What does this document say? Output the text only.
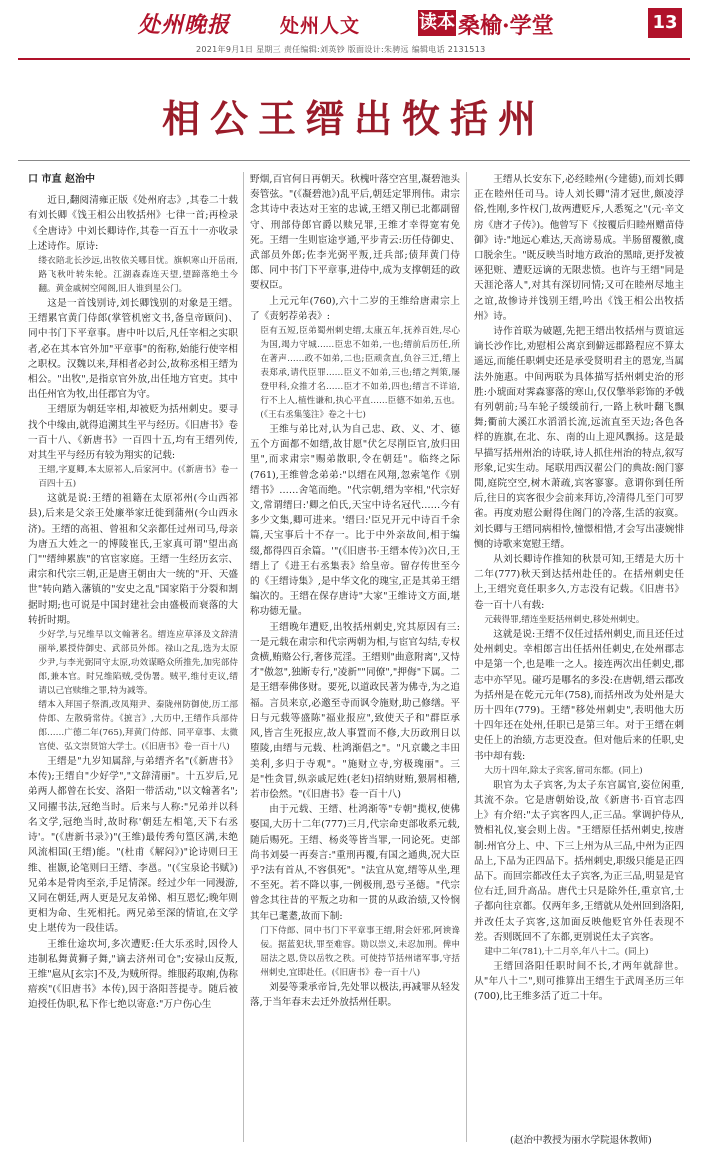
处州晚报	处州人文	读本 桑榆·学堂	13
2021年9月1日 星期三 责任编辑:刘英钞 版面设计:朱骋远 编辑电话 2131513
相公王缙出牧括州

口 市直 赵治中

近日,翻阅清雍正版《处州府志》,其卷二十载有刘长卿《饯王相公出牧括州》七律一首;再检录《全唐诗》中刘长卿诗作,其卷一百五十一亦收录上述诗作。原诗:

缕衣陪北长沙远,出牧依关哪目忧。旗帜寒山开岳雨,路飞秋叶转朱轮。江湖森森连天望,望蹄落绝土今翻。黄金戚树空闻阁,旧人谁到星公门。

这是一首饯别诗,刘长卿饯别的对象是王缙。王缙累官黄门侍郎(掌管机密文书,备皇帝顾问)、同中书门下平章事。唐中叶以后,凡任宰相之实职者,必在其本官外加"平章事"的衔称,始能行使宰相之职权。汉魏以来,拜相者必封公,故称丞相王缙为相公。"出牧",是指京官外放,出任地方官吏。其中出任州官为牧,出任郡官为守。

王缙原为朝廷宰相,却被贬为括州刺史。要寻找个中缘由,就得追溯其生平与经历。《旧唐书》卷一百十八、《新唐书》一百四十五,均有王缙列传,对其生平与经历有较为翔实的记载:

王缙,字夏卿,本太原祁人,后家河中。(《新唐书》卷一百四十五)

这就是说:王缙的祖籍在太原祁州(今山西祁县),后来是父亲王处廉举家迁徙到蒲州(今山西永济)。王缙的高祖、曾祖和父亲都任过州司马,母亲为唐五大姓之一的博陵崔氏,王家真可谓"望出高门""缙绅累族"的官宦家庭。王缙一生经历玄宗、肃宗和代宗三朝,正是唐王朝由大一统的"开、天盛世"转向踏入藩镇的"安史之乱"国家陷于分裂和割据时期;也可说是中国封建社会由盛极而衰落的大转折时期。

少好学,与兄维早以文翰著名。缙连应草泽及文辞清丽举,累授侍御史、武部员外郎。禄山之乱,选为太原少尹,与李光弼同守太原,功效谋略众所推先,加宪部侍郎,兼本官。时兄维陷贼,受伪署。贼平,维付吏议,缙请以己官赎维之罪,特为减等。

缙本入拜国子祭酒,改凤翔尹、秦陇州防御使,历工部侍郎、左散骑常侍。《摭言》,大历中,王缙作兵部侍郎……广德二年(765),拜黄门侍郎、同平章事、太微宫使、弘文崇贤馆大学士。(《旧唐书》卷一百十八)

王缙是"九岁知属辞,与弟缙齐名"(《新唐书》本传);王缙自"少好学","文辞清丽"。十五岁后,兄弟两人都曾在长安、洛阳一带活动,"以文翰著名";又同擢书法,冠绝当时。后来与人称:"兄弟并以科名文学,冠绝当时,故时称'朝廷左相笔,天下右丞诗'。"(《唐新书录》)"(王维)最传秀句篁区满,未绝风流相国(王缙)能。"(杜甫《解闷》)"论诗则曰王维、崔颢,论笔则曰王缙、李邕。"(《宝泉论书赋》)兄弟本是骨肉至亲,手足情深。经过少年一同漫游,又同在朝廷,两人更是兄友弟悌、相互恩忆;晚年则更相为命、生死相托。两兄弟至深的情谊,在文学史上堪传为一段佳话。

王维仕途坎坷,多次遭贬:任大乐丞时,因伶人违制私舞黄狮子舞,"谪去济州司仓";安禄山反叛,王维"扈从[玄宗]不及,为贼所得。维服药取痢,伪称瘖疾"(《旧唐书》本传),因于洛阳菩提寺。随后被迫授任伪职,私下作七绝以寄意:"万户伤心生

野烟,百官何日再朝天。秋槐叶落空宫里,凝碧池头奏管弦。"(《凝碧池》)乱平后,朝廷定罪刑伟。肃宗念其诗中表达对王室的忠诚,王缙又削已北都副留守、刑部侍郎官爵以赎兄罪,王维才幸得宽宥免死。王缙一生则宦途亨通,平步青云:历任侍御史、武部员外郎;佐李光弼平叛,迁兵部;债拜黄门侍郎、同中书门下平章事,进侍中,成为支撑朝廷的政要权臣。

上元元年(760),六十二岁的王维给唐肃宗上了《责躬荐弟表》:

臣有五短,臣弟蜀州刺史缙,太康五年,抚养百姓,尽心为国,竭力守城……臣忠不如弟,一也;缙前后历任,所在著声……政不如弟,二也;臣顽贪直,负谷三迁,缙上表郑承,请代臣罪……臣义不如弟,三也;缙之判策,屡登甲科,众推才名……臣才不如弟,四也;缙言不详谙,行不上人,植性谦和,执心平直……臣德不如弟,五也。(《王右丞集笺注》卷之十七)

王维与弟比对,认为自己忠、政、义、才、德五个方面都不如缙,故甘愿"伏乞尽削臣官,放归田里",而求肃宗"赐弟散职,令在朝廷"。临终之际(761),王维曾念弟弟:"以缙在风翔,忽索笔作《别缙书》……舍笔而绝。"代宗朝,缙为宰相,"代宗好文,常谓缙曰:'卿之伯氏,天宝中诗名冠代……今有多少文集,卿可进来。'缙曰:'臣兄开元中诗百千余篇,天宝事后十不存一。比于中外亲故间,相于编缀,都得四百余篇。'"(《旧唐书·王缙本传》)次日,王缙上了《进王右丞集表》给皇帝。留存传世至今的《王缙诗集》,是中华文化的瑰宝,正是其弟王缙编次的。王缙在保存唐诗"大家"王维诗文方面,堪称功德无量。

王缙晚年遭贬,出牧括州刺史,究其原因有三:一是元载在肃宗和代宗两朝为相,与宦官勾结,专权贪横,贿赂公行,奢侈荒淫。王缙则"曲意附离",又恃才"傲忽",独断专行,"凌新""同僚","押侮"下属。二是王缙奉佛侈财。要死,以道政民著为佛寺,为之追福。言员来京,必邀至寺而讽令施财,助己修缮。平日与元载等盛陈"福业报应",致使天子和"群臣承风,皆言生死报应,故人事置而不修,大历政刑日以堕陵,由缙与元载、杜鸿渐倡之"。"凡京畿之丰田美利,多归于寺观"。"施财立寺,穷极瑰丽"。三是"性贪冒,纵亲戚尼姓(老妇)招纳财贿,猥屑相稽,若市侩然。"(《旧唐书》卷一百十八)

由于元载、王缙、杜鸿渐等"专朝"揽权,使佛娶国,大历十二年(777)三月,代宗命吏部收系元载,随后赐死。王缙、杨炎等皆当罪,一同论死。吏部尚书刘晏一再奏言:"重刑再覆,有国之通典,况大臣乎?法有首从,不容俱死"。"法宜从宽,缙等从坐,理不至死。若不降以事,一例极刑,恐亏圣德。"代宗曾念其往昔的平叛之功和一贯的从政治绩,又怜悯其年已耄耋,故而下制:

门下侍郎、同中书门下平章事王缙,附会奸邪,阿谀谗佞。据蓝犯状,罪至难容。勋以崇义,未忍加刑。俾申屈法之恩,贷以岳牧之秩。可使持节括州诸军事,守括州刺史,宜即赴任。(《旧唐书》卷一百十八)

刘晏等秉承帝旨,先处罪以极法,再减罪从轻发落,于当年春末去迁外放括州任职。

王缙从长安东下,必经睦州(今建德),而刘长卿正在睦州任司马。诗人刘长卿"清才冠世,颇凌浮俗,性刚,多忤权门,故两遭贬斥,人悉冤之"(元·辛文房《唐才子传》)。他曾写下《按覆后归睦州赠苗侍御》诗:"地远心难达,天高谤易成。半肠留覆徼,虞口脱余生。"既反映当时地方政治的黑暗,更抒发被诬犯赃、遭贬远谪的无限悲愤。也许与王缙"同是天涯沦落人",对其有深切同情;又可在睦州尽地主之谊,故惨诗并饯别王缙,吟出《饯王相公出牧括州》诗。

诗作首联为破题,先把王缙出牧括州与贾谊远谪长沙作比,劝慰相公离京到僻远郡路程应不算太遥远,而能任职刺史还是承受贤明君主的恩宠,当属法外施惠。中间两联为具体描写括州刺史治的形胜:小琥面对霁森寥落的寒山,仅仅擎举彩饰的矛戟有列朝前;马车轮子缓缓前行,一路上秋叶翻飞飘舞;衢前大溪江水滔滔长流,远流直至天边;各色各样的旌旗,在北、东、南的山上迎风飘扬。这是最早描写括州州治的诗联,诗人抓住州治的特点,叙写形象,记实生动。尾联用西汉翟公门的典故:阁门寥閒,庭院空空,树木萧疏,宾客寥寥。意谓你到任所后,往日的宾客很少会前来拜访,冷清得几至门可罗雀。再度劝慰公耐得住阁门的冷落,生活的寂寞。刘长卿与王缙同病相怜,憧憬相惜,才会写出凄婉悱恻的诗歌来宽慰王缙。

从刘长卿诗作推知的秋景可知,王缙是大历十二年(777)秋天到达括州赴任的。在括州刺史任上,王缙究竟任职多久,方志没有记载。《旧唐书》卷一百十八有载:

元载得罪,缙连坐贬括州刺史,移处州刺史。

这就是说:王缙不仅任过括州刺史,而且还任过处州刺史。幸相郎言出任括州任刺史,在处州郡志中是第一个,也是唯一之人。接连两次出任刺史,郡志中亦罕见。碰巧是哪名的多没:在唐朝,缙云郡改为括州是在乾元元年(758),而括州改为处州是大历十四年(779)。王缙"移处州刺史",表明他大历十四年还在处州,任职已是第三年。对于王缙在刺史任上的治绩,方志更没查。但对他后来的任职,史书中却有载:

大历十四年,除太子宾客,留司东都。(同上)

职官为太子宾客,为太子东宫属官,姿位闲重,其流不杂。它是唐朝始设,故《新唐书·百官志四上》有介绍:"太子宾客四人,正三品。掌调护侍从,赞相礼仪,宴会则上齿。"王缙原任括州刺史,按唐制:州官分上、中、下三上州为从三品,中州为正四品上,下品为正四品下。括州刺史,职级只能是正四品下。而回宗都改任太子宾客,为正三品,明显是官位右迁,回升高品。唐代士只是除外任,重京官,士子都向往京都。仅两年多,王缙就从处州回到洛阳,并改任太子宾客,这加面反映他贬官外任表现不差。否则既回不了东都,更别说任太子宾客。

建中二年(781),十二月卒,年八十二。(同上)

王缙回洛阳任职时间不长,才两年就辞世。从"年八十二",则可推算出王缙生于武周圣历三年(700),比王维多活了近二十年。

(赵治中教授为丽水学院退休教师)
